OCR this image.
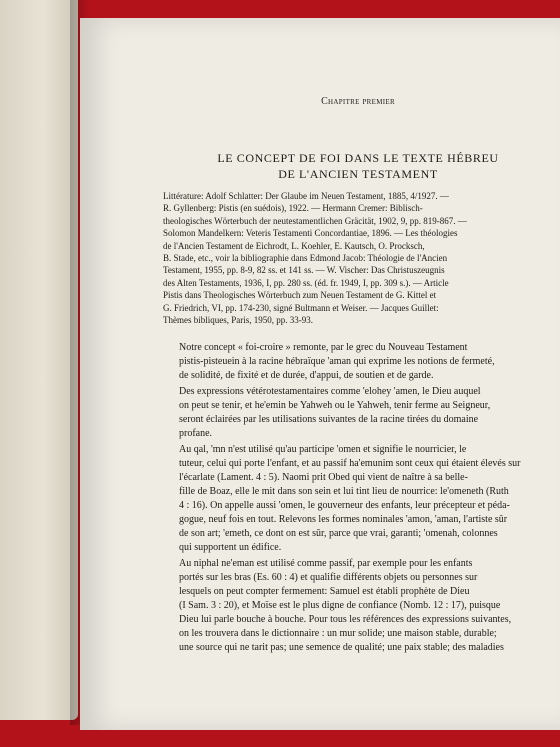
Chapitre premier
LE CONCEPT DE FOI DANS LE TEXTE HÉBREU
DE L'ANCIEN TESTAMENT
Littérature: Adolf Schlatter: Der Glaube im Neuen Testament, 1885, 4/1927. —
R. Gyllenberg: Pistis (en suédois), 1922. — Hermann Cremer: Biblisch-
theologisches Wörterbuch der neutestamentlichen Gräcität, 1902, 9, pp. 819-867. —
Solomon Mandelkern: Veteris Testamenti Concordantiae, 1896. — Les théologies
de l'Ancien Testament de Eichrodt, L. Koehler, E. Kautsch, O. Procksch,
B. Stade, etc., voir la bibliographie dans Edmond Jacob: Théologie de l'Ancien
Testament, 1955, pp. 8-9, 82 ss. et 141 ss. — W. Vischer: Das Christuszeugnis
des Alten Testaments, 1936, I, pp. 280 ss. (éd. fr. 1949, I, pp. 309 s.). — Article
Pistis dans Theologisches Wörterbuch zum Neuen Testament de G. Kittel et
G. Friedrich, VI, pp. 174-230, signé Bultmann et Weiser. — Jacques Guillet:
Thèmes bibliques, Paris, 1950, pp. 33-93.

Notre concept « foi-croire » remonte, par le grec du Nouveau Testament
pistis-pisteuein à la racine hébraïque 'aman qui exprime les notions de fermeté,
de solidité, de fixité et de durée, d'appui, de soutien et de garde.

Des expressions vétérotestamentaires comme 'elohey 'amen, le Dieu auquel
on peut se tenir, et he'emin be Yahweh ou le Yahweh, tenir ferme au Seigneur,
seront éclairées par les utilisations suivantes de la racine tirées du domaine
profane.

Au qal, 'mn n'est utilisé qu'au participe 'omen et signifie le nourricier, le
tuteur, celui qui porte l'enfant, et au passif ha'emunim sont ceux qui étaient élevés sur
l'écarlate (Lament. 4 : 5). Naomi prit Obed qui vient de naître à sa belle-
fille de Boaz, elle le mit dans son sein et lui tint lieu de nourrice: le'omeneth (Ruth
4 : 16). On appelle aussi 'omen, le gouverneur des enfants, leur précepteur et péda-
gogue, neuf fois en tout. Relevons les formes nominales 'amon, 'aman, l'artiste sûr
de son art; 'emeth, ce dont on est sûr, parce que vrai, garanti; 'omenah, colonnes
qui supportent un édifice.

Au niphal ne'eman est utilisé comme passif, par exemple pour les enfants
portés sur les bras (Es. 60 : 4) et qualifie différents objets ou personnes sur
lesquels on peut compter fermement: Samuel est établi prophète de Dieu
(I Sam. 3 : 20), et Moïse est le plus digne de confiance (Nomb. 12 : 17), puisque
Dieu lui parle bouche à bouche. Pour tous les références des expressions suivantes,
on les trouvera dans le dictionnaire : un mur solide; une maison stable, durable;
une source qui ne tarit pas; une semence de qualité; une paix stable; des maladies
